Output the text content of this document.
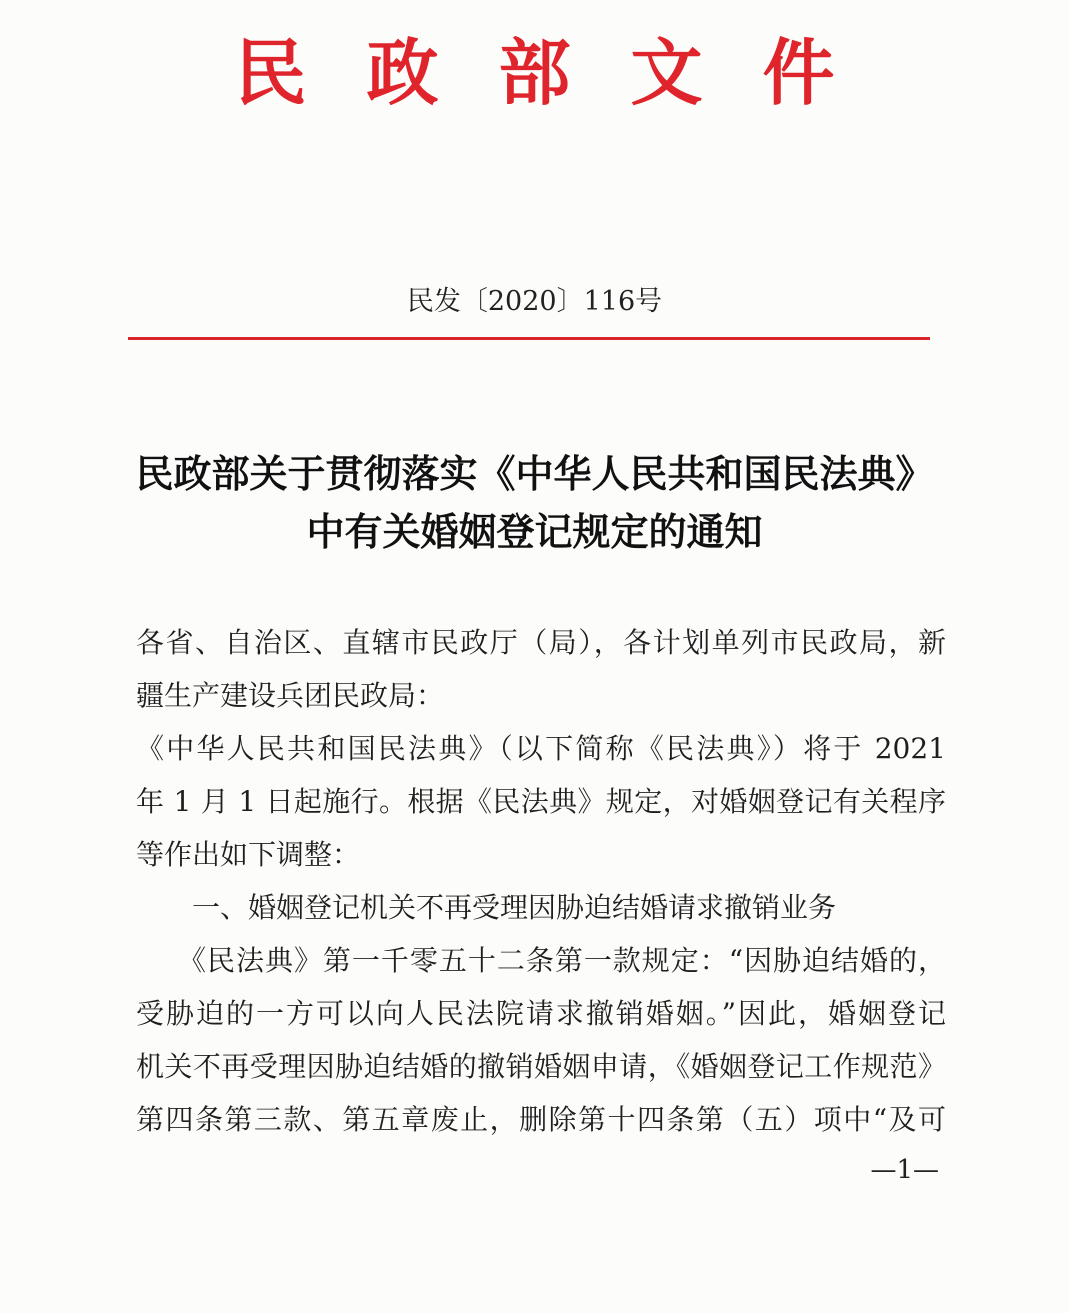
民政部文件
民发〔2020〕116号
民政部关于贯彻落实《中华人民共和国民法典》
中有关婚姻登记规定的通知
各省、自治区、直辖市民政厅（局），各计划单列市民政局，新
疆生产建设兵团民政局：
《中华人民共和国民法典》（以下简称《民法典》）将于 2021
年 1 月 1 日起施行。根据《民法典》规定，对婚姻登记有关程序
等作出如下调整：
一、婚姻登记机关不再受理因胁迫结婚请求撤销业务
《民法典》第一千零五十二条第一款规定：“因胁迫结婚的，
受胁迫的一方可以向人民法院请求撤销婚姻。”因此，婚姻登记
机关不再受理因胁迫结婚的撤销婚姻申请，《婚姻登记工作规范》
第四条第三款、第五章废止，删除第十四条第（五）项中“及可
—1—
